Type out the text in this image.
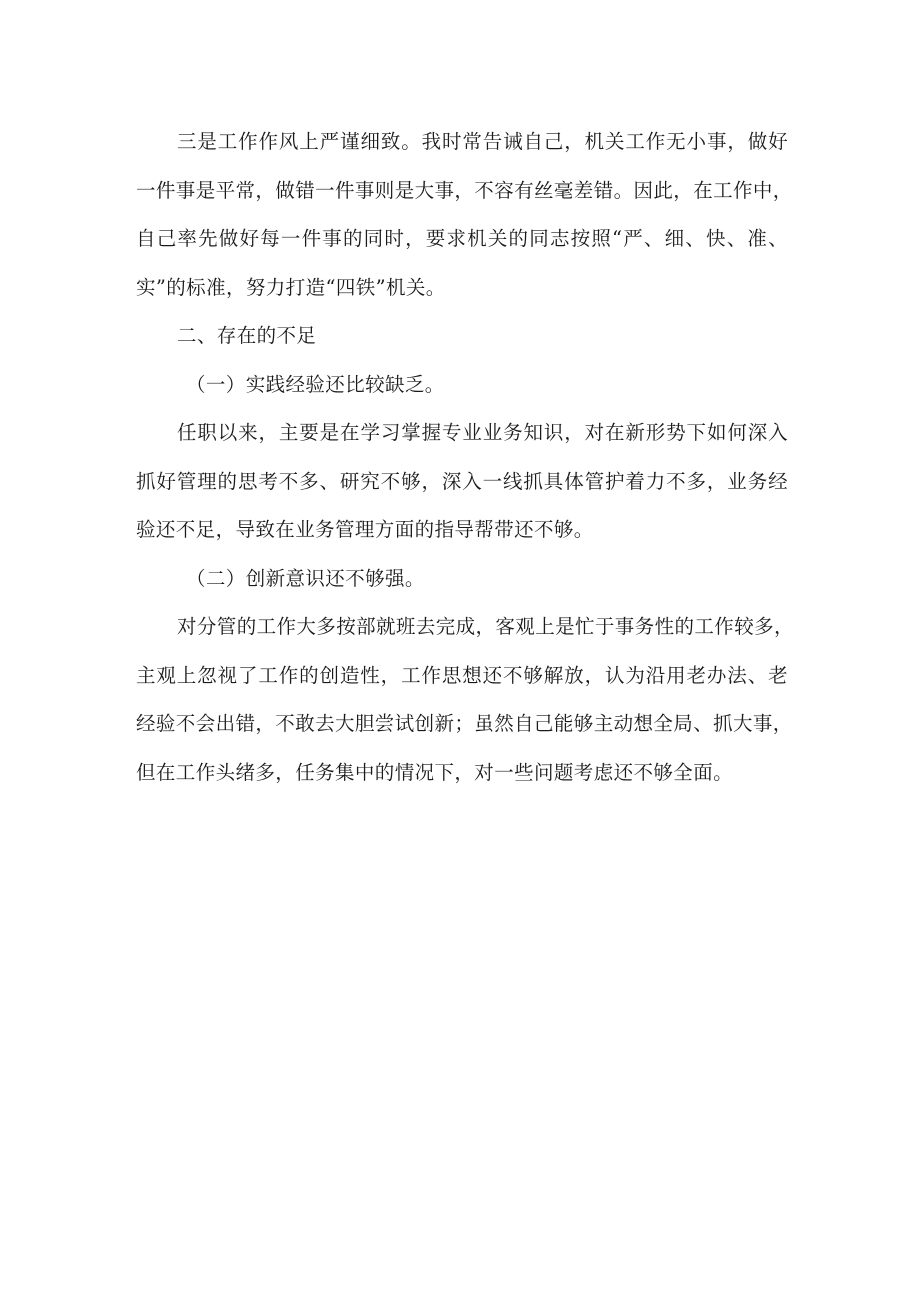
三是工作作风上严谨细致。我时常告诫自己，机关工作无小事，做好
一件事是平常，做错一件事则是大事，不容有丝毫差错。因此，在工作中，
自己率先做好每一件事的同时，要求机关的同志按照“严、细、快、准、
实”的标准，努力打造“四铁”机关。
二、存在的不足
（一）实践经验还比较缺乏。
任职以来，主要是在学习掌握专业业务知识，对在新形势下如何深入
抓好管理的思考不多、研究不够，深入一线抓具体管护着力不多，业务经
验还不足，导致在业务管理方面的指导帮带还不够。
（二）创新意识还不够强。
对分管的工作大多按部就班去完成，客观上是忙于事务性的工作较多，
主观上忽视了工作的创造性，工作思想还不够解放，认为沿用老办法、老
经验不会出错，不敢去大胆尝试创新；虽然自己能够主动想全局、抓大事，
但在工作头绪多，任务集中的情况下，对一些问题考虑还不够全面。
